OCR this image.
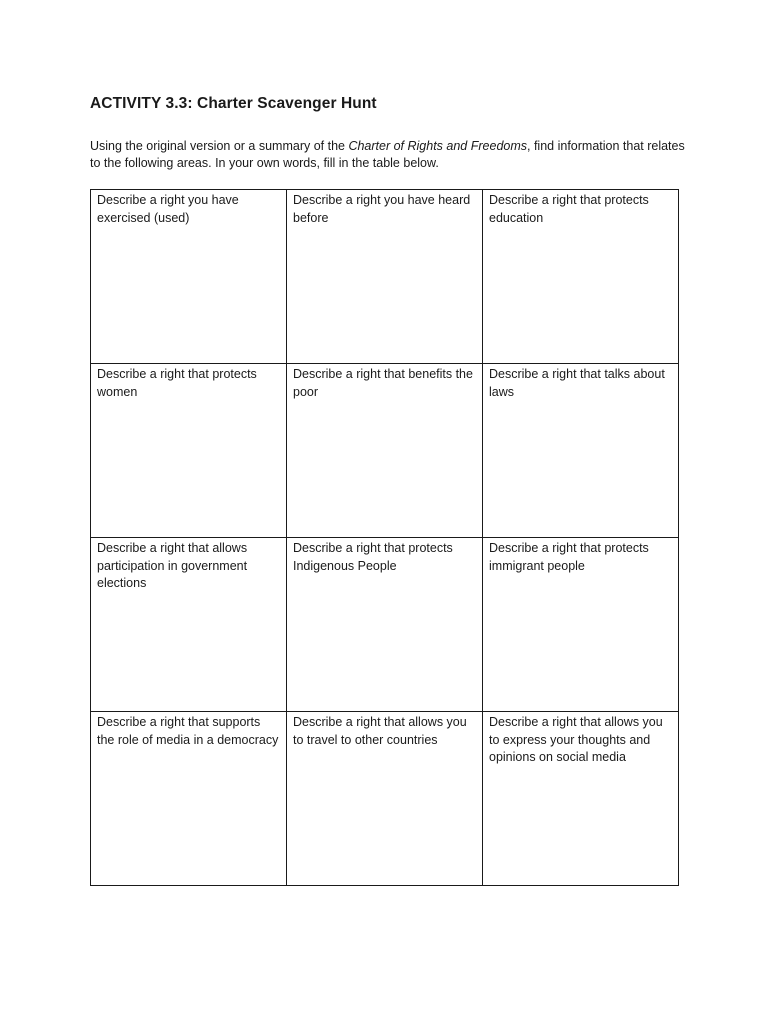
ACTIVITY 3.3: Charter Scavenger Hunt
Using the original version or a summary of the Charter of Rights and Freedoms, find information that relates to the following areas. In your own words, fill in the table below.
Describe a right you have exercised (used)	Describe a right you have heard before	Describe a right that protects education
Describe a right that protects women	Describe a right that benefits the poor	Describe a right that talks about laws
Describe a right that allows participation in government elections	Describe a right that protects Indigenous People	Describe a right that protects immigrant people
Describe a right that supports the role of media in a democracy	Describe a right that allows you to travel to other countries	Describe a right that allows you to express your thoughts and opinions on social media
